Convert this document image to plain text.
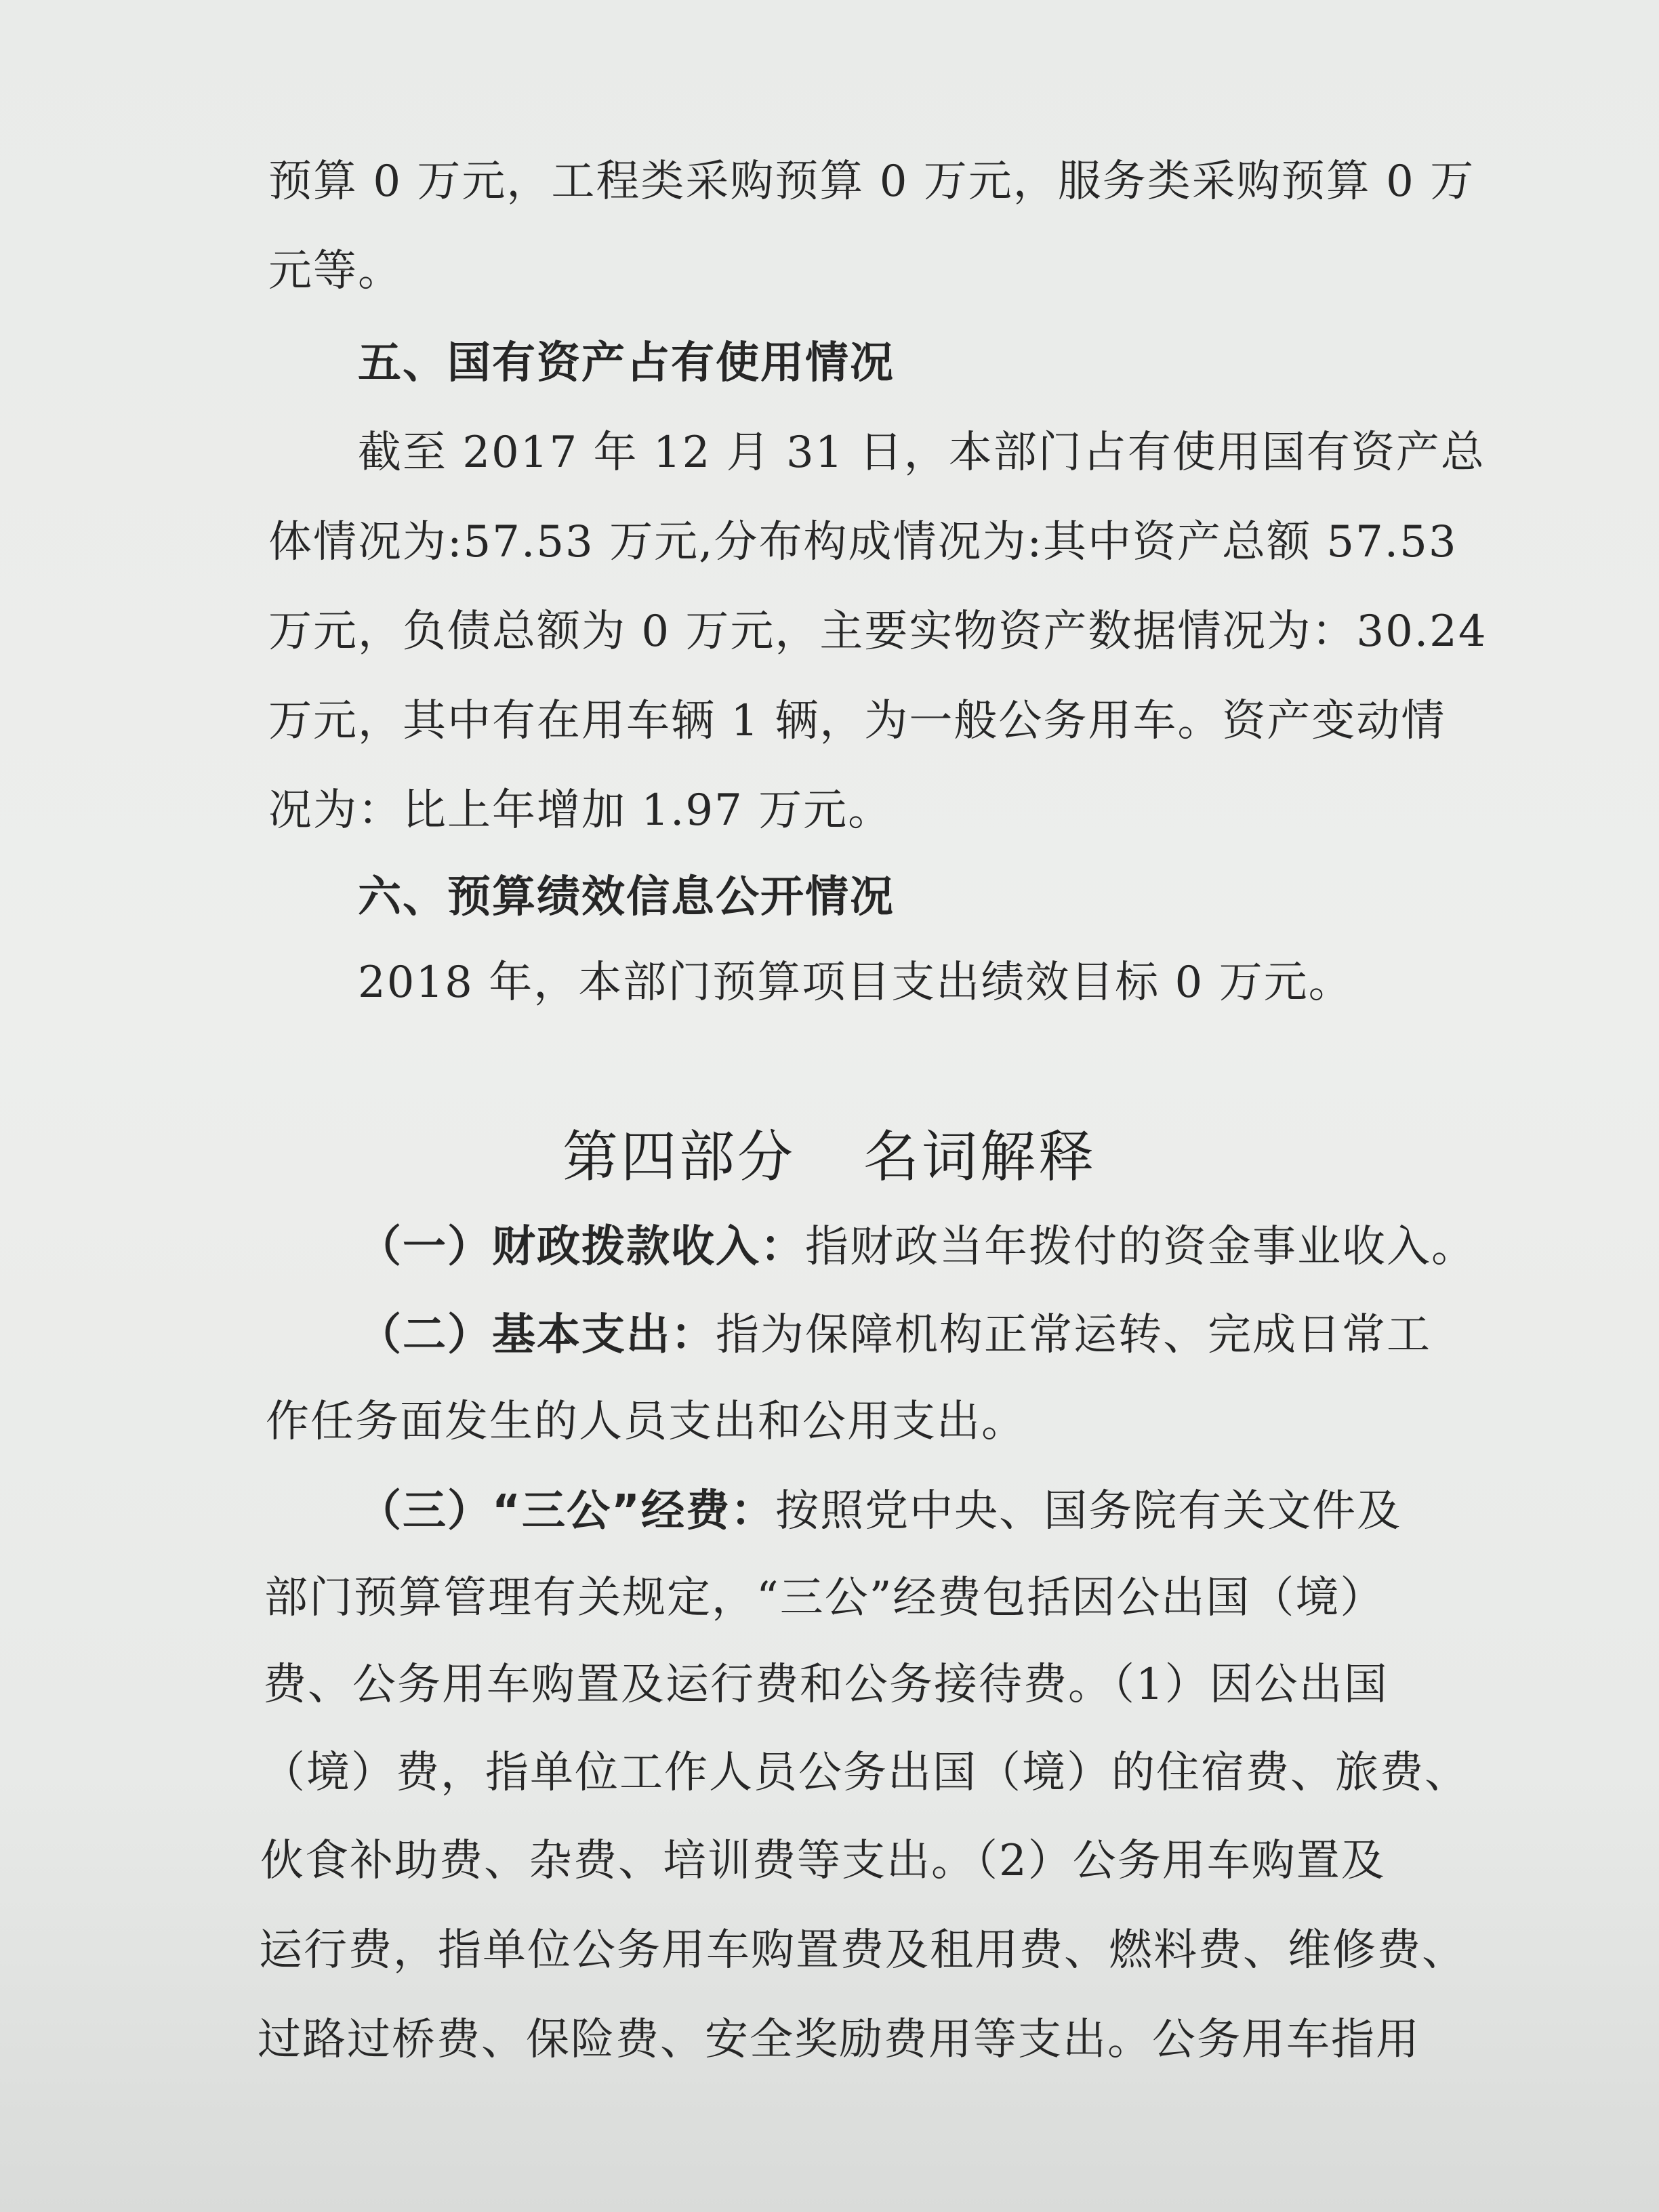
预算 0 万元，工程类采购预算 0 万元，服务类采购预算 0 万
元等。
五、国有资产占有使用情况
截至 2017 年 12 月 31 日，本部门占有使用国有资产总
体情况为:57.53 万元,分布构成情况为:其中资产总额 57.53
万元，负债总额为 0 万元，主要实物资产数据情况为：30.24
万元，其中有在用车辆 1 辆，为一般公务用车。资产变动情
况为：比上年增加 1.97 万元。
六、预算绩效信息公开情况
2018 年，本部门预算项目支出绩效目标 0 万元。
第四部分 名词解释
（一）财政拨款收入：指财政当年拨付的资金事业收入。
（二）基本支出：指为保障机构正常运转、完成日常工
作任务面发生的人员支出和公用支出。
（三）“三公”经费：按照党中央、国务院有关文件及
部门预算管理有关规定，“三公”经费包括因公出国（境）
费、公务用车购置及运行费和公务接待费。（1）因公出国
（境）费，指单位工作人员公务出国（境）的住宿费、旅费、
伙食补助费、杂费、培训费等支出。（2）公务用车购置及
运行费，指单位公务用车购置费及租用费、燃料费、维修费、
过路过桥费、保险费、安全奖励费用等支出。公务用车指用
